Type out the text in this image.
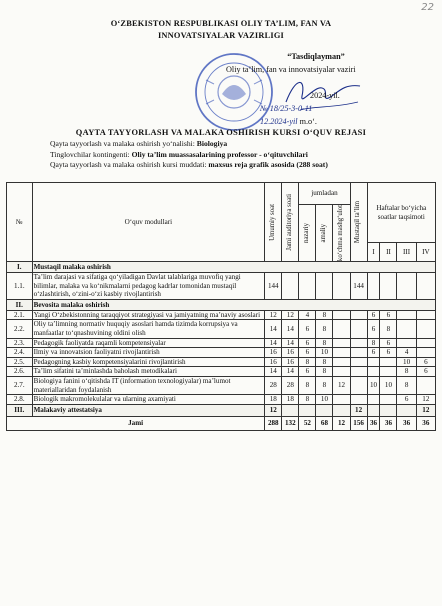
22
O‘ZBEKISTON RESPUBLIKASI OLIY TA’LIM, FAN VA
INNOVATSIYALAR VAZIRLIGI
“Tasdiqlayman”
Oliy ta’lim, fan va innovatsiyalar vaziri
2024-yil.
№ 18/25-3-0-11
12.2024-yil m.o‘.
QAYTA TAYYORLASH VA MALAKA OSHIRISH KURSI O‘QUV REJASI
Qayta tayyorlash va malaka oshirish yo‘nalishi: Biologiya
Tinglovchilar kontingenti: Oliy ta’lim muassasalarining professor - o‘qituvchilari
Qayta tayyorlash va malaka oshirish kursi muddati: maxsus reja grafik asosida (288 soat)
№	O‘quv modullari	Umumiy soat	Jami auditoriya soati	jumladan			Mustaqil ta’lim	Haftalar bo‘yicha soatlar taqsimoti			

				nazariy	amaliy	ko‘chma mashg‘ulot					

								I	II	III	IV
I.	Mustaqil malaka oshirish										
1.1.	Ta’lim darajasi va sifatiga qo‘yiladigan Davlat talablariga muvofiq yangi bilimlar, malaka va ko‘nikmalarni pedagog kadrlar tomonidan mustaqil o‘zlashtirish, o‘zini-o‘zi kasbiy rivojlantirish	144					144				
II.	Bevosita malaka oshirish										
2.1.	Yangi O‘zbekistonning taraqqiyot strategiyasi va jamiyatning ma’naviy asoslari	12	12	4	8			6	6		
2.2.	Oliy ta’limning normativ huquqiy asoslari hamda tizimda korrupsiya va manfaatlar to‘qnashuvining oldini olish	14	14	6	8			6	8		
2.3.	Pedagogik faoliyatda raqamli kompetensiyalar	14	14	6	8			8	6		
2.4.	Ilmiy va innovatsion faoliyatni rivojlantirish	16	16	6	10			6	6	4	
2.5.	Pedagogning kasbiy kompetensiyalarini rivojlantirish	16	16	8	8					10	6
2.6.	Ta’lim sifatini ta’minlashda baholash metodikalari	14	14	6	8					8	6
2.7.	Biologiya fanini o‘qitishda IT (information texnologiyalar) ma’lumot materiallaridan foydalanish	28	28	8	8	12		10	10	8	
2.8.	Biologik makromolekulalar va ularning axamiyati	18	18	8	10					6	12
III.	Malakaviy attestatsiya	12					12				12
Jami		288	132	52	68	12	156	36	36	36	36
